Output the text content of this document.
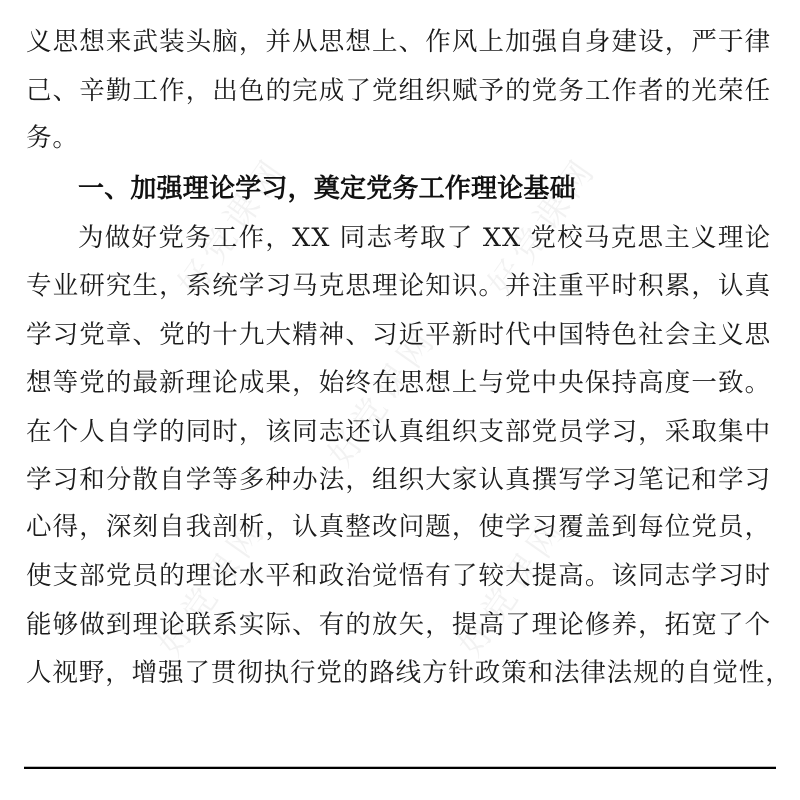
好党课网	好党课网
好党课网
好党课网	好党课网
义思想来武装头脑，并从思想上、作风上加强自身建设，严于律
己、辛勤工作，出色的完成了党组织赋予的党务工作者的光荣任
务。
一、加强理论学习，奠定党务工作理论基础
为做好党务工作，XX 同志考取了 XX 党校马克思主义理论
专业研究生，系统学习马克思理论知识。并注重平时积累，认真
学习党章、党的十九大精神、习近平新时代中国特色社会主义思
想等党的最新理论成果，始终在思想上与党中央保持高度一致。
在个人自学的同时，该同志还认真组织支部党员学习，采取集中
学习和分散自学等多种办法，组织大家认真撰写学习笔记和学习
心得，深刻自我剖析，认真整改问题，使学习覆盖到每位党员，
使支部党员的理论水平和政治觉悟有了较大提高。该同志学习时
能够做到理论联系实际、有的放矢，提高了理论修养，拓宽了个
人视野，增强了贯彻执行党的路线方针政策和法律法规的自觉性，
